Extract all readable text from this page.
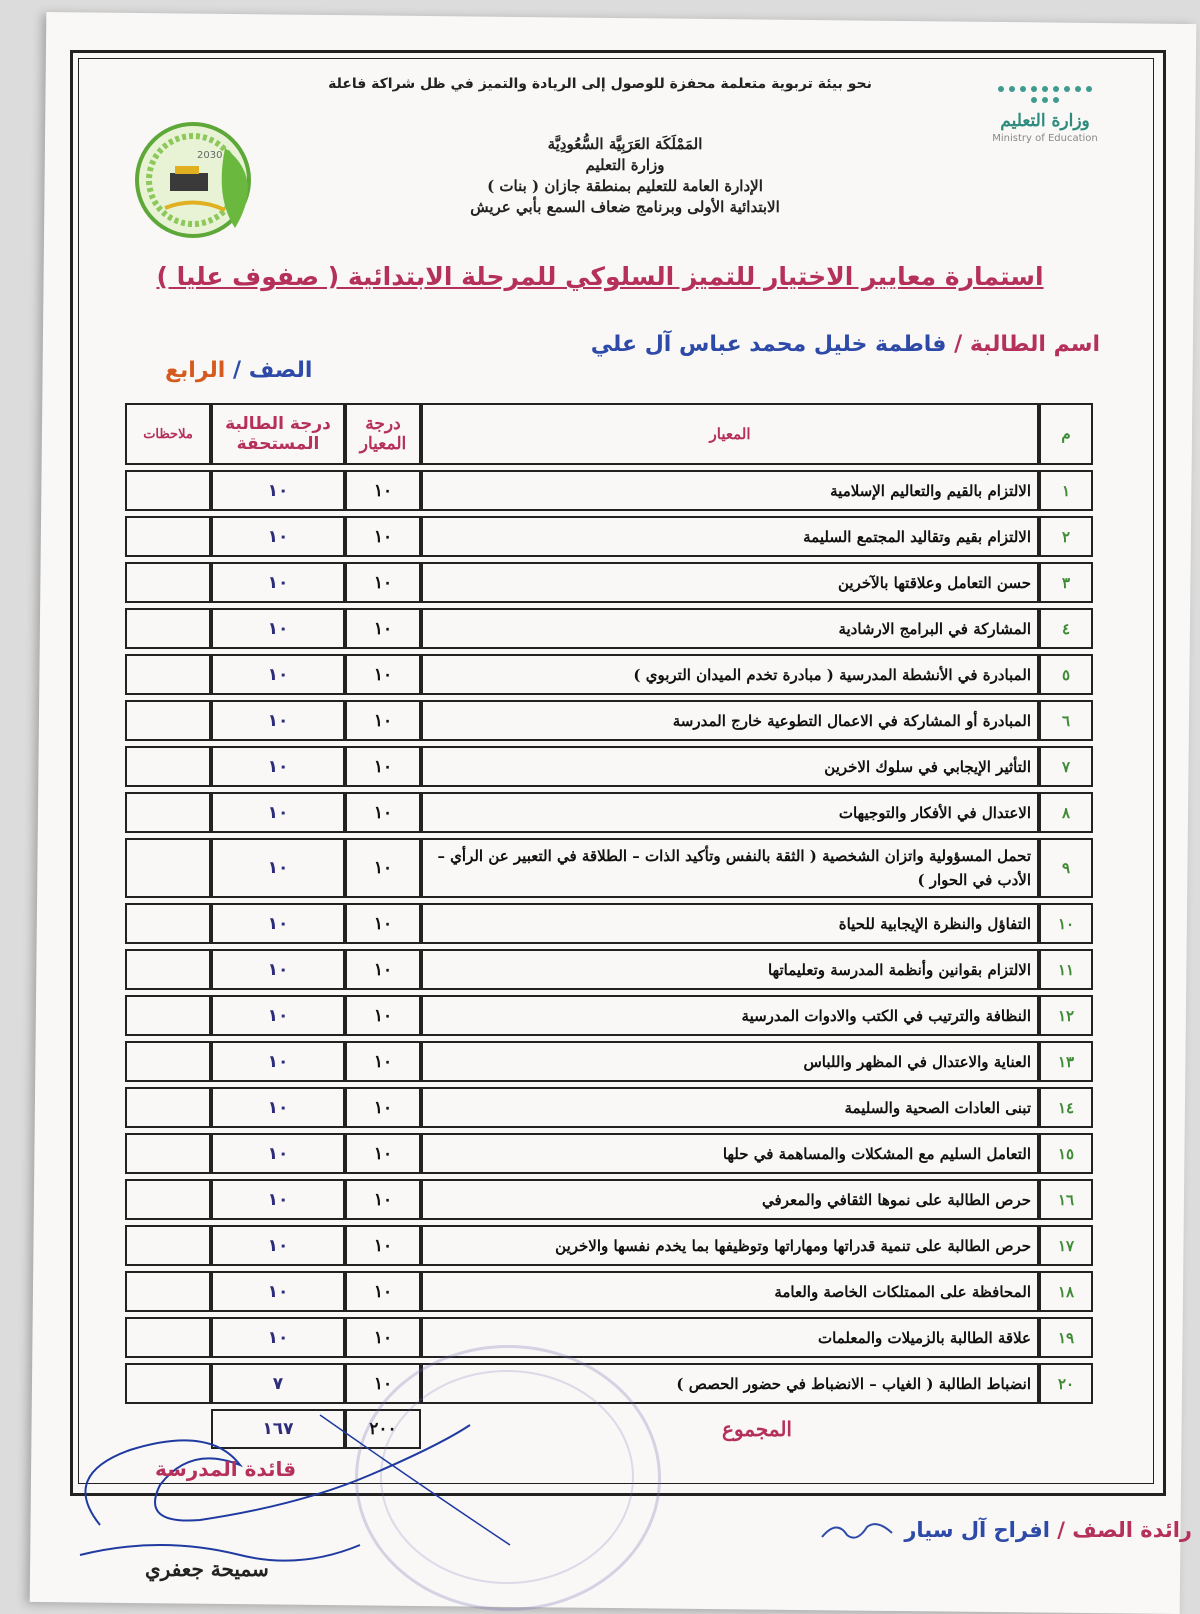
نحو بيئة تربوية متعلمة محفزة للوصول إلى الريادة والتميز في ظل شراكة فاعلة
وزارة التعليم
Ministry of Education
2030
المَمْلَكَة العَرَبِيَّة السُّعُودِيَّة
وزارة التعليم
الإدارة العامة للتعليم بمنطقة جازان ( بنات )
الابتدائية الأولى وبرنامج ضعاف السمع بأبي عريش
استمارة معايير الاختيار للتميز السلوكي للمرحلة الابتدائية ( صفوف عليا )
اسم الطالبة / فاطمة خليل محمد عباس آل علي
الصف / الرابع
م	المعيار	درجة المعيار	درجة الطالبة المستحقة	ملاحظات
١	الالتزام بالقيم والتعاليم الإسلامية	١٠	١٠	
٢	الالتزام بقيم وتقاليد المجتمع السليمة	١٠	١٠	
٣	حسن التعامل وعلاقتها بالآخرين	١٠	١٠	
٤	المشاركة في البرامج الارشادية	١٠	١٠	
٥	المبادرة في الأنشطة المدرسية ( مبادرة تخدم الميدان التربوي )	١٠	١٠	
٦	المبادرة أو المشاركة في الاعمال التطوعية خارج المدرسة	١٠	١٠	
٧	التأثير الإيجابي في سلوك الاخرين	١٠	١٠	
٨	الاعتدال في الأفكار والتوجيهات	١٠	١٠	
٩	تحمل المسؤولية واتزان الشخصية ( الثقة بالنفس وتأكيد الذات – الطلاقة في التعبير عن الرأي – الأدب في الحوار )	١٠	١٠	
١٠	التفاؤل والنظرة الإيجابية للحياة	١٠	١٠	
١١	الالتزام بقوانين وأنظمة المدرسة وتعليماتها	١٠	١٠	
١٢	النظافة والترتيب في الكتب والادوات المدرسية	١٠	١٠	
١٣	العناية والاعتدال في المظهر واللباس	١٠	١٠	
١٤	تبنى العادات الصحية والسليمة	١٠	١٠	
١٥	التعامل السليم مع المشكلات والمساهمة في حلها	١٠	١٠	
١٦	حرص الطالبة على نموها الثقافي والمعرفي	١٠	١٠	
١٧	حرص الطالبة على تنمية قدراتها ومهاراتها وتوظيفها بما يخدم نفسها والاخرين	١٠	١٠	
١٨	المحافظة على الممتلكات الخاصة والعامة	١٠	١٠	
١٩	علاقة الطالبة بالزميلات والمعلمات	١٠	١٠	
٢٠	انضباط الطالبة ( الغياب – الانضباط في حضور الحصص )	١٠	٧	
المجموع		٢٠٠	١٦٧	
قائدة المدرسة
سميحة جعفري
رائدة الصف / افراح آل سيار
